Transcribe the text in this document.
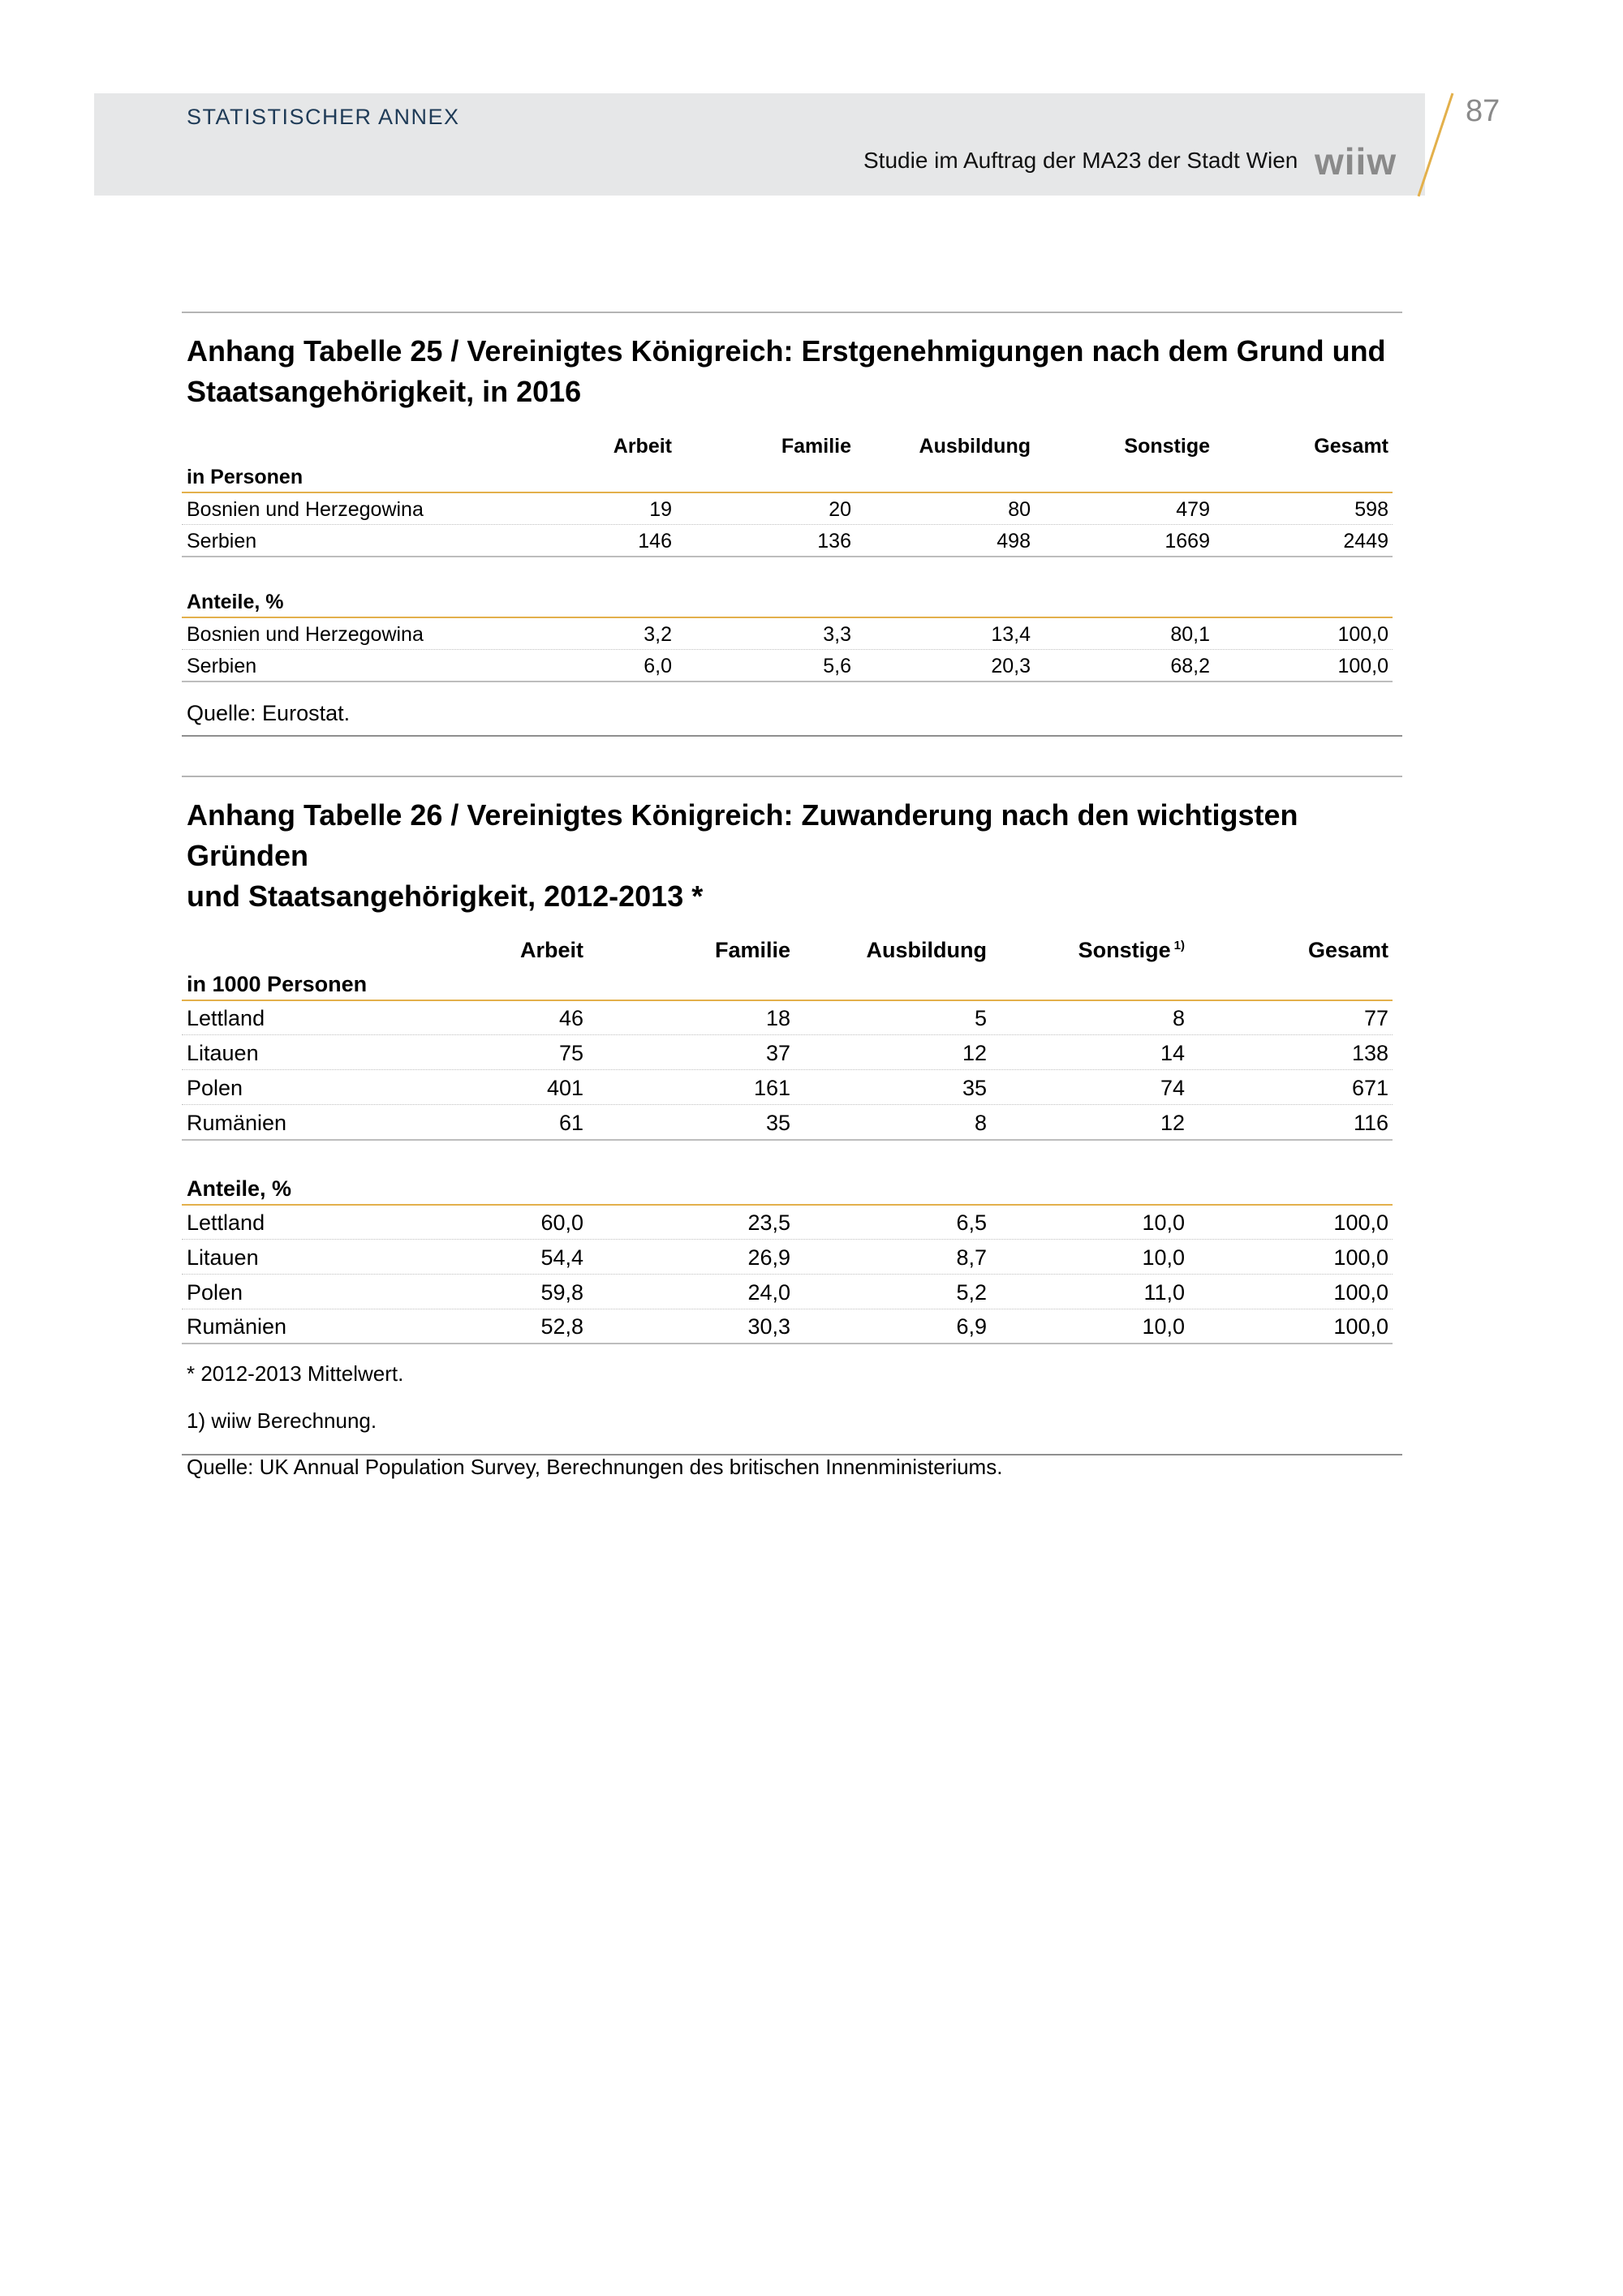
STATISTISCHER ANNEX
Studie im Auftrag der MA23 der Stadt Wien wiiw
87
Anhang Tabelle 25 / Vereinigtes Königreich: Erstgenehmigungen nach dem Grund und
Staatsangehörigkeit, in 2016
Arbeit	Familie	Ausbildung	Sonstige	Gesamt
in Personen
Bosnien und Herzegowina	19	20	80	479	598
Serbien	146	136	498	1669	2449
Anteile, %
Bosnien und Herzegowina	3,2	3,3	13,4	80,1	100,0
Serbien	6,0	5,6	20,3	68,2	100,0
Quelle: Eurostat.
Anhang Tabelle 26 / Vereinigtes Königreich: Zuwanderung nach den wichtigsten Gründen
und Staatsangehörigkeit, 2012-2013 *
Arbeit	Familie	Ausbildung	Sonstige $^{1)}$	Gesamt
in 1000 Personen
Lettland	46	18	5	8	77
Litauen	75	37	12	14	138
Polen	401	161	35	74	671
Rumänien	61	35	8	12	116
Anteile, %
Lettland	60,0	23,5	6,5	10,0	100,0
Litauen	54,4	26,9	8,7	10,0	100,0
Polen	59,8	24,0	5,2	11,0	100,0
Rumänien	52,8	30,3	6,9	10,0	100,0
* 2012-2013 Mittelwert.
1) wiiw Berechnung.
Quelle: UK Annual Population Survey, Berechnungen des britischen Innenministeriums.
